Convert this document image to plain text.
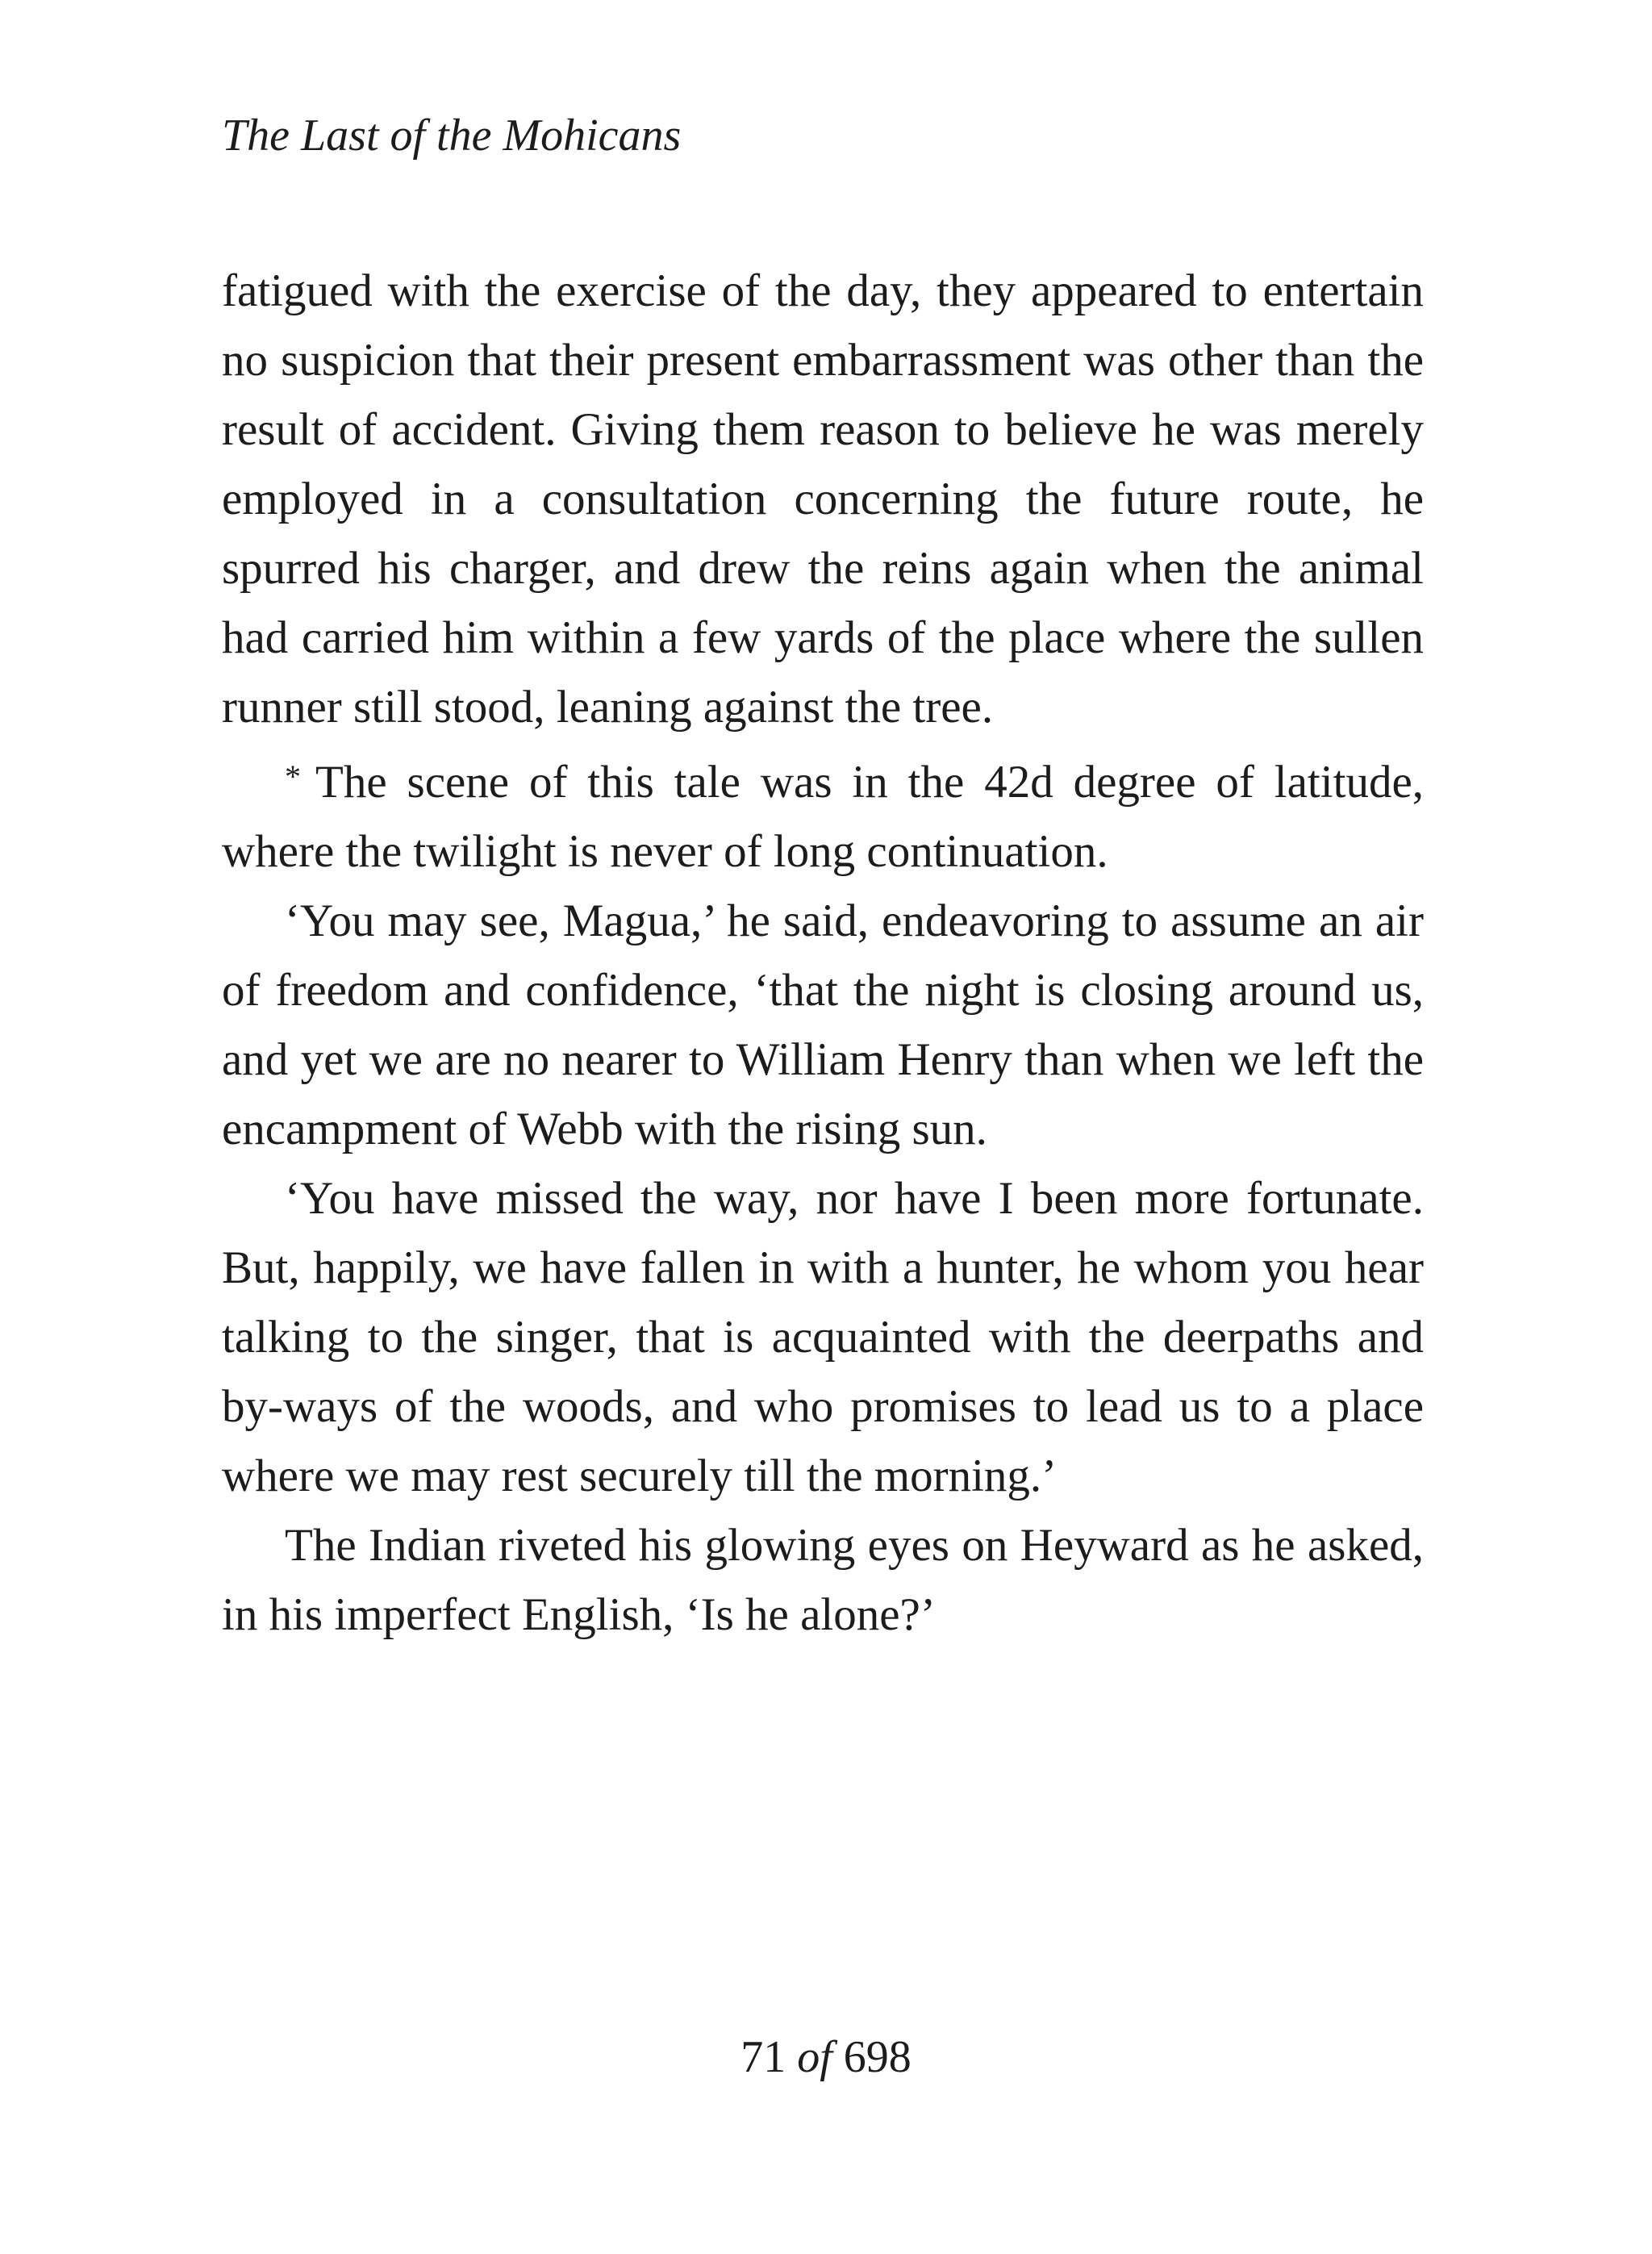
The Last of the Mohicans

fatigued with the exercise of the day, they appeared to entertain no suspicion that their present embarrassment was other than the result of accident. Giving them reason to believe he was merely employed in a consultation concerning the future route, he spurred his charger, and drew the reins again when the animal had carried him within a few yards of the place where the sullen runner still stood, leaning against the tree.

* The scene of this tale was in the 42d degree of latitude, where the twilight is never of long continuation.

‘You may see, Magua,’ he said, endeavoring to assume an air of freedom and confidence, ‘that the night is closing around us, and yet we are no nearer to William Henry than when we left the encampment of Webb with the rising sun.

‘You have missed the way, nor have I been more fortunate. But, happily, we have fallen in with a hunter, he whom you hear talking to the singer, that is acquainted with the deerpaths and by-ways of the woods, and who promises to lead us to a place where we may rest securely till the morning.’

The Indian riveted his glowing eyes on Heyward as he asked, in his imperfect English, ‘Is he alone?’

71 of 698
